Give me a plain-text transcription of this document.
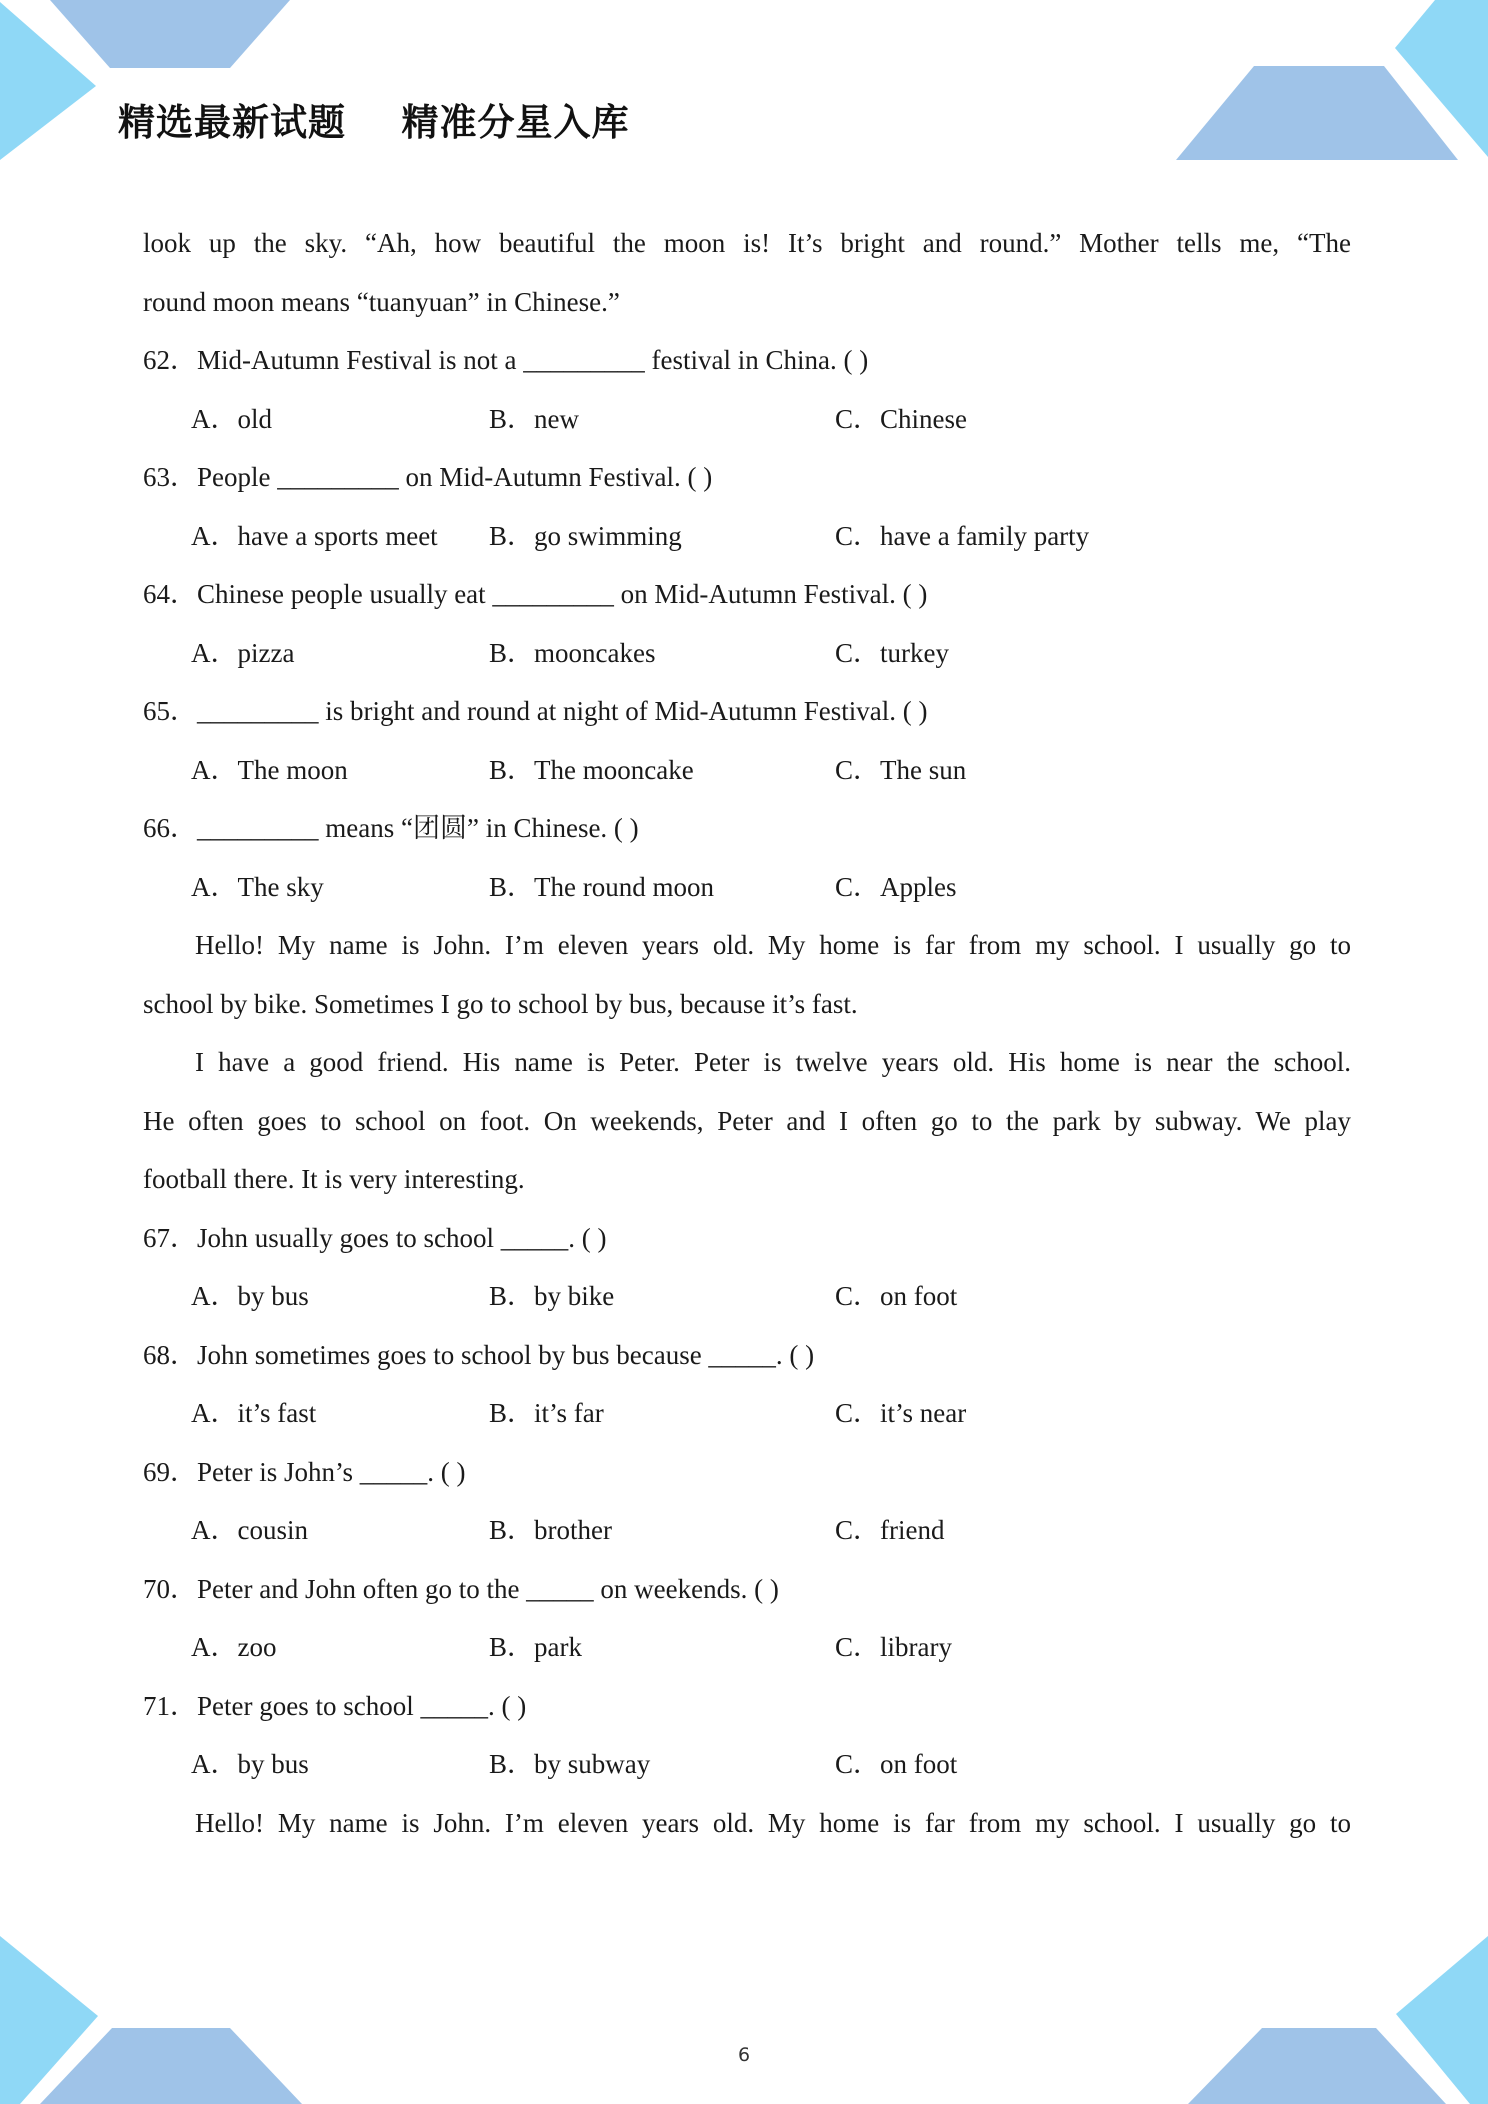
精选最新试题    精准分星入库
look up the sky. “Ah, how beautiful the moon is! It’s bright and round.” Mother tells me, “The
round moon means “tuanyuan” in Chinese.”
62．Mid-Autumn Festival is not a _________ festival in China. ( )
A．old	B．new	C．Chinese
63．People _________ on Mid-Autumn Festival. ( )
A．have a sports meet B．go swimming	C．have a family party
64．Chinese people usually eat _________ on Mid-Autumn Festival. ( )
A．pizza	B．mooncakes	C．turkey
65．_________ is bright and round at night of Mid-Autumn Festival. ( )
A．The moon	B．The mooncake	C．The sun
66．_________ means “团圆” in Chinese. ( )
A．The sky	B．The round moon	C．Apples
Hello! My name is John. I’m eleven years old. My home is far from my school. I usually go to
school by bike. Sometimes I go to school by bus, because it’s fast.
I have a good friend. His name is Peter. Peter is twelve years old. His home is near the school.
He often goes to school on foot. On weekends, Peter and I often go to the park by subway. We play
football there. It is very interesting.
67．John usually goes to school _____. ( )
A．by bus	B．by bike	C．on foot
68．John sometimes goes to school by bus because _____. ( )
A．it’s fast	B．it’s far	C．it’s near
69．Peter is John’s _____. ( )
A．cousin	B．brother	C．friend
70．Peter and John often go to the _____ on weekends. ( )
A．zoo	B．park	C．library
71．Peter goes to school _____. ( )
A．by bus	B．by subway	C．on foot
Hello! My name is John. I’m eleven years old. My home is far from my school. I usually go to
6
